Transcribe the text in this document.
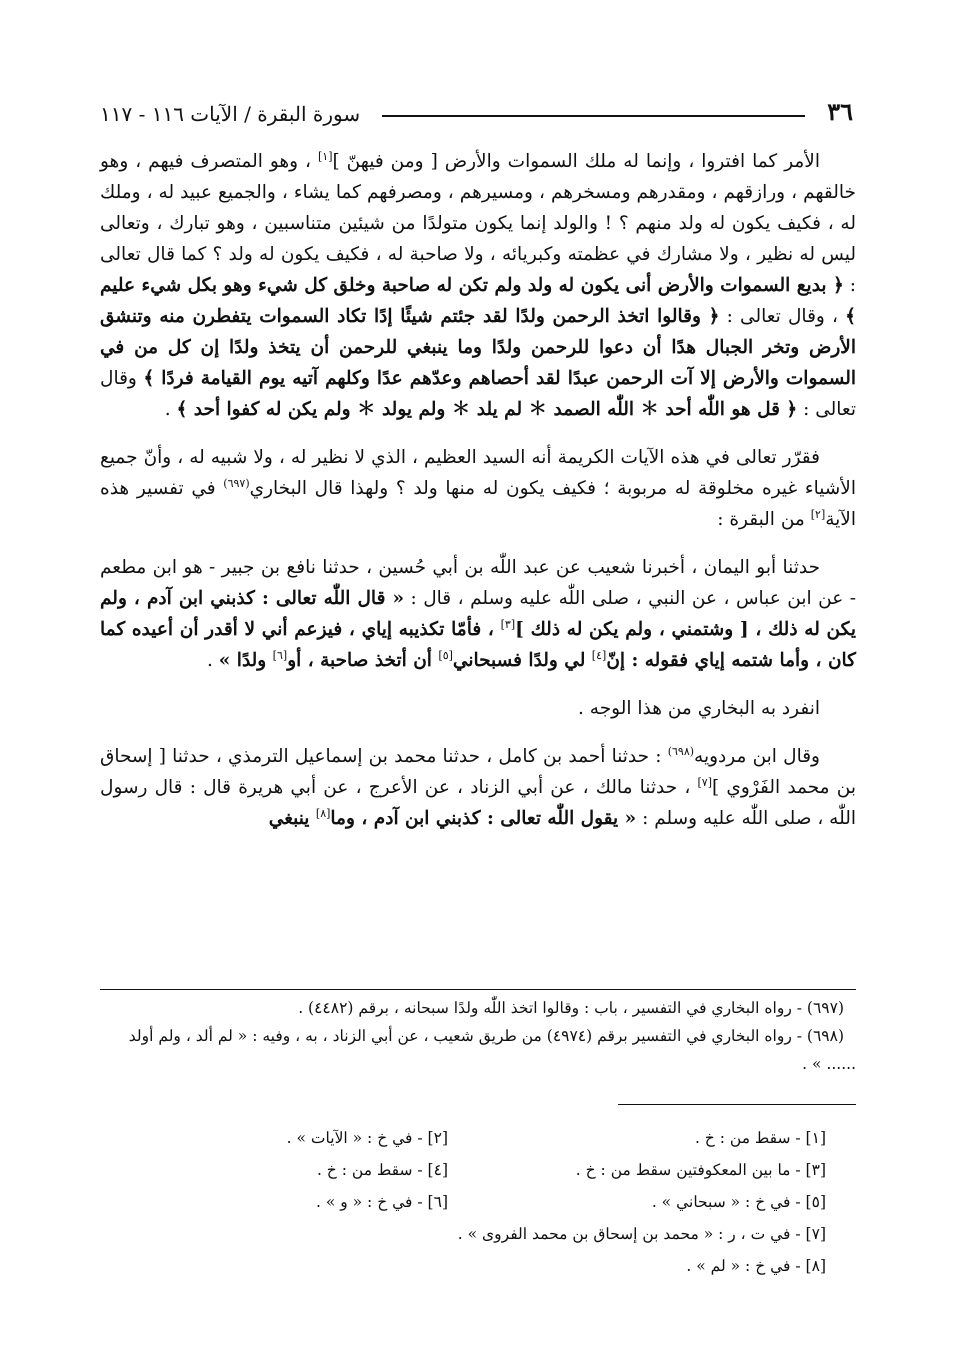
٣٦
سورة البقرة / الآيات ١١٦ - ١١٧

الأمر كما افتروا ، وإنما له ملك السموات والأرض [ ومن فيهنّ ][١] ، وهو المتصرف فيهم ، وهو خالقهم ، ورازقهم ، ومقدرهم ومسخرهم ، ومسيرهم ، ومصرفهم كما يشاء ، والجميع عبيد له ، وملك له ، فكيف يكون له ولد منهم ؟ ! والولد إنما يكون متولدًا من شيئين متناسبين ، وهو تبارك ، وتعالى ليس له نظير ، ولا مشارك في عظمته وكبريائه ، ولا صاحبة له ، فكيف يكون له ولد ؟ كما قال تعالى : ﴿ بديع السموات والأرض أنى يكون له ولد ولم تكن له صاحبة وخلق كل شيء وهو بكل شيء عليم ﴾ ، وقال تعالى : ﴿ وقالوا اتخذ الرحمن ولدًا لقد جئتم شيئًا إدًا تكاد السموات يتفطرن منه وتنشق الأرض وتخر الجبال هدًا أن دعوا للرحمن ولدًا وما ينبغي للرحمن أن يتخذ ولدًا إن كل من في السموات والأرض إلا آت الرحمن عبدًا لقد أحصاهم وعدّهم عدًا وكلهم آتيه يوم القيامة فردًا ﴾ وقال تعالى : ﴿ قل هو اللّٰه أحد ＊ اللّٰه الصمد ＊ لم يلد ＊ ولم يولد ＊ ولم يكن له كفوا أحد ﴾ .

فقرّر تعالى في هذه الآيات الكريمة أنه السيد العظيم ، الذي لا نظير له ، ولا شبيه له ، وأنّ جميع الأشياء غيره مخلوقة له مربوبة ؛ فكيف يكون له منها ولد ؟ ولهذا قال البخاري$^{(٦٩٧)}$ في تفسير هذه الآية[٢] من البقرة :

حدثنا أبو اليمان ، أخبرنا شعيب عن عبد اللّٰه بن أبي حُسين ، حدثنا نافع بن جبير - هو ابن مطعم - عن ابن عباس ، عن النبي ، صلى اللّٰه عليه وسلم ، قال : « قال اللّٰه تعالى : كذبني ابن آدم ، ولم يكن له ذلك ، [ وشتمني ، ولم يكن له ذلك ][٣] ، فأمّا تكذيبه إياي ، فيزعم أني لا أقدر أن أعيده كما كان ، وأما شتمه إياي فقوله : إنّ[٤] لي ولدًا فسبحاني[٥] أن أتخذ صاحبة ، أو[٦] ولدًا » .

انفرد به البخاري من هذا الوجه .

وقال ابن مردويه$^{(٦٩٨)}$ : حدثنا أحمد بن كامل ، حدثنا محمد بن إسماعيل الترمذي ، حدثنا [ إسحاق بن محمد الفَرْوي ][٧] ، حدثنا مالك ، عن أبي الزناد ، عن الأعرج ، عن أبي هريرة قال : قال رسول اللّٰه ، صلى اللّٰه عليه وسلم : « يقول اللّٰه تعالى : كذبني ابن آدم ، وما[٨] ينبغي

(٦٩٧) - رواه البخاري في التفسير ، باب : وقالوا اتخذ اللّٰه ولدًا سبحانه ، برقم (٤٤٨٢) .

(٦٩٨) - رواه البخاري في التفسير برقم (٤٩٧٤) من طريق شعيب ، عن أبي الزناد ، به ، وفيه : « لم ألد ، ولم أولد ...... » .

[١] - سقط من : خ .
[٢] - في خ : « الآيات » .
[٣] - ما بين المعكوفتين سقط من : خ .
[٤] - سقط من : خ .
[٥] - في خ : « سبحاني » .
[٦] - في خ : « و » .
[٧] - في ت ، ر : « محمد بن إسحاق بن محمد الفروى » .
[٨] - في خ : « لم » .
